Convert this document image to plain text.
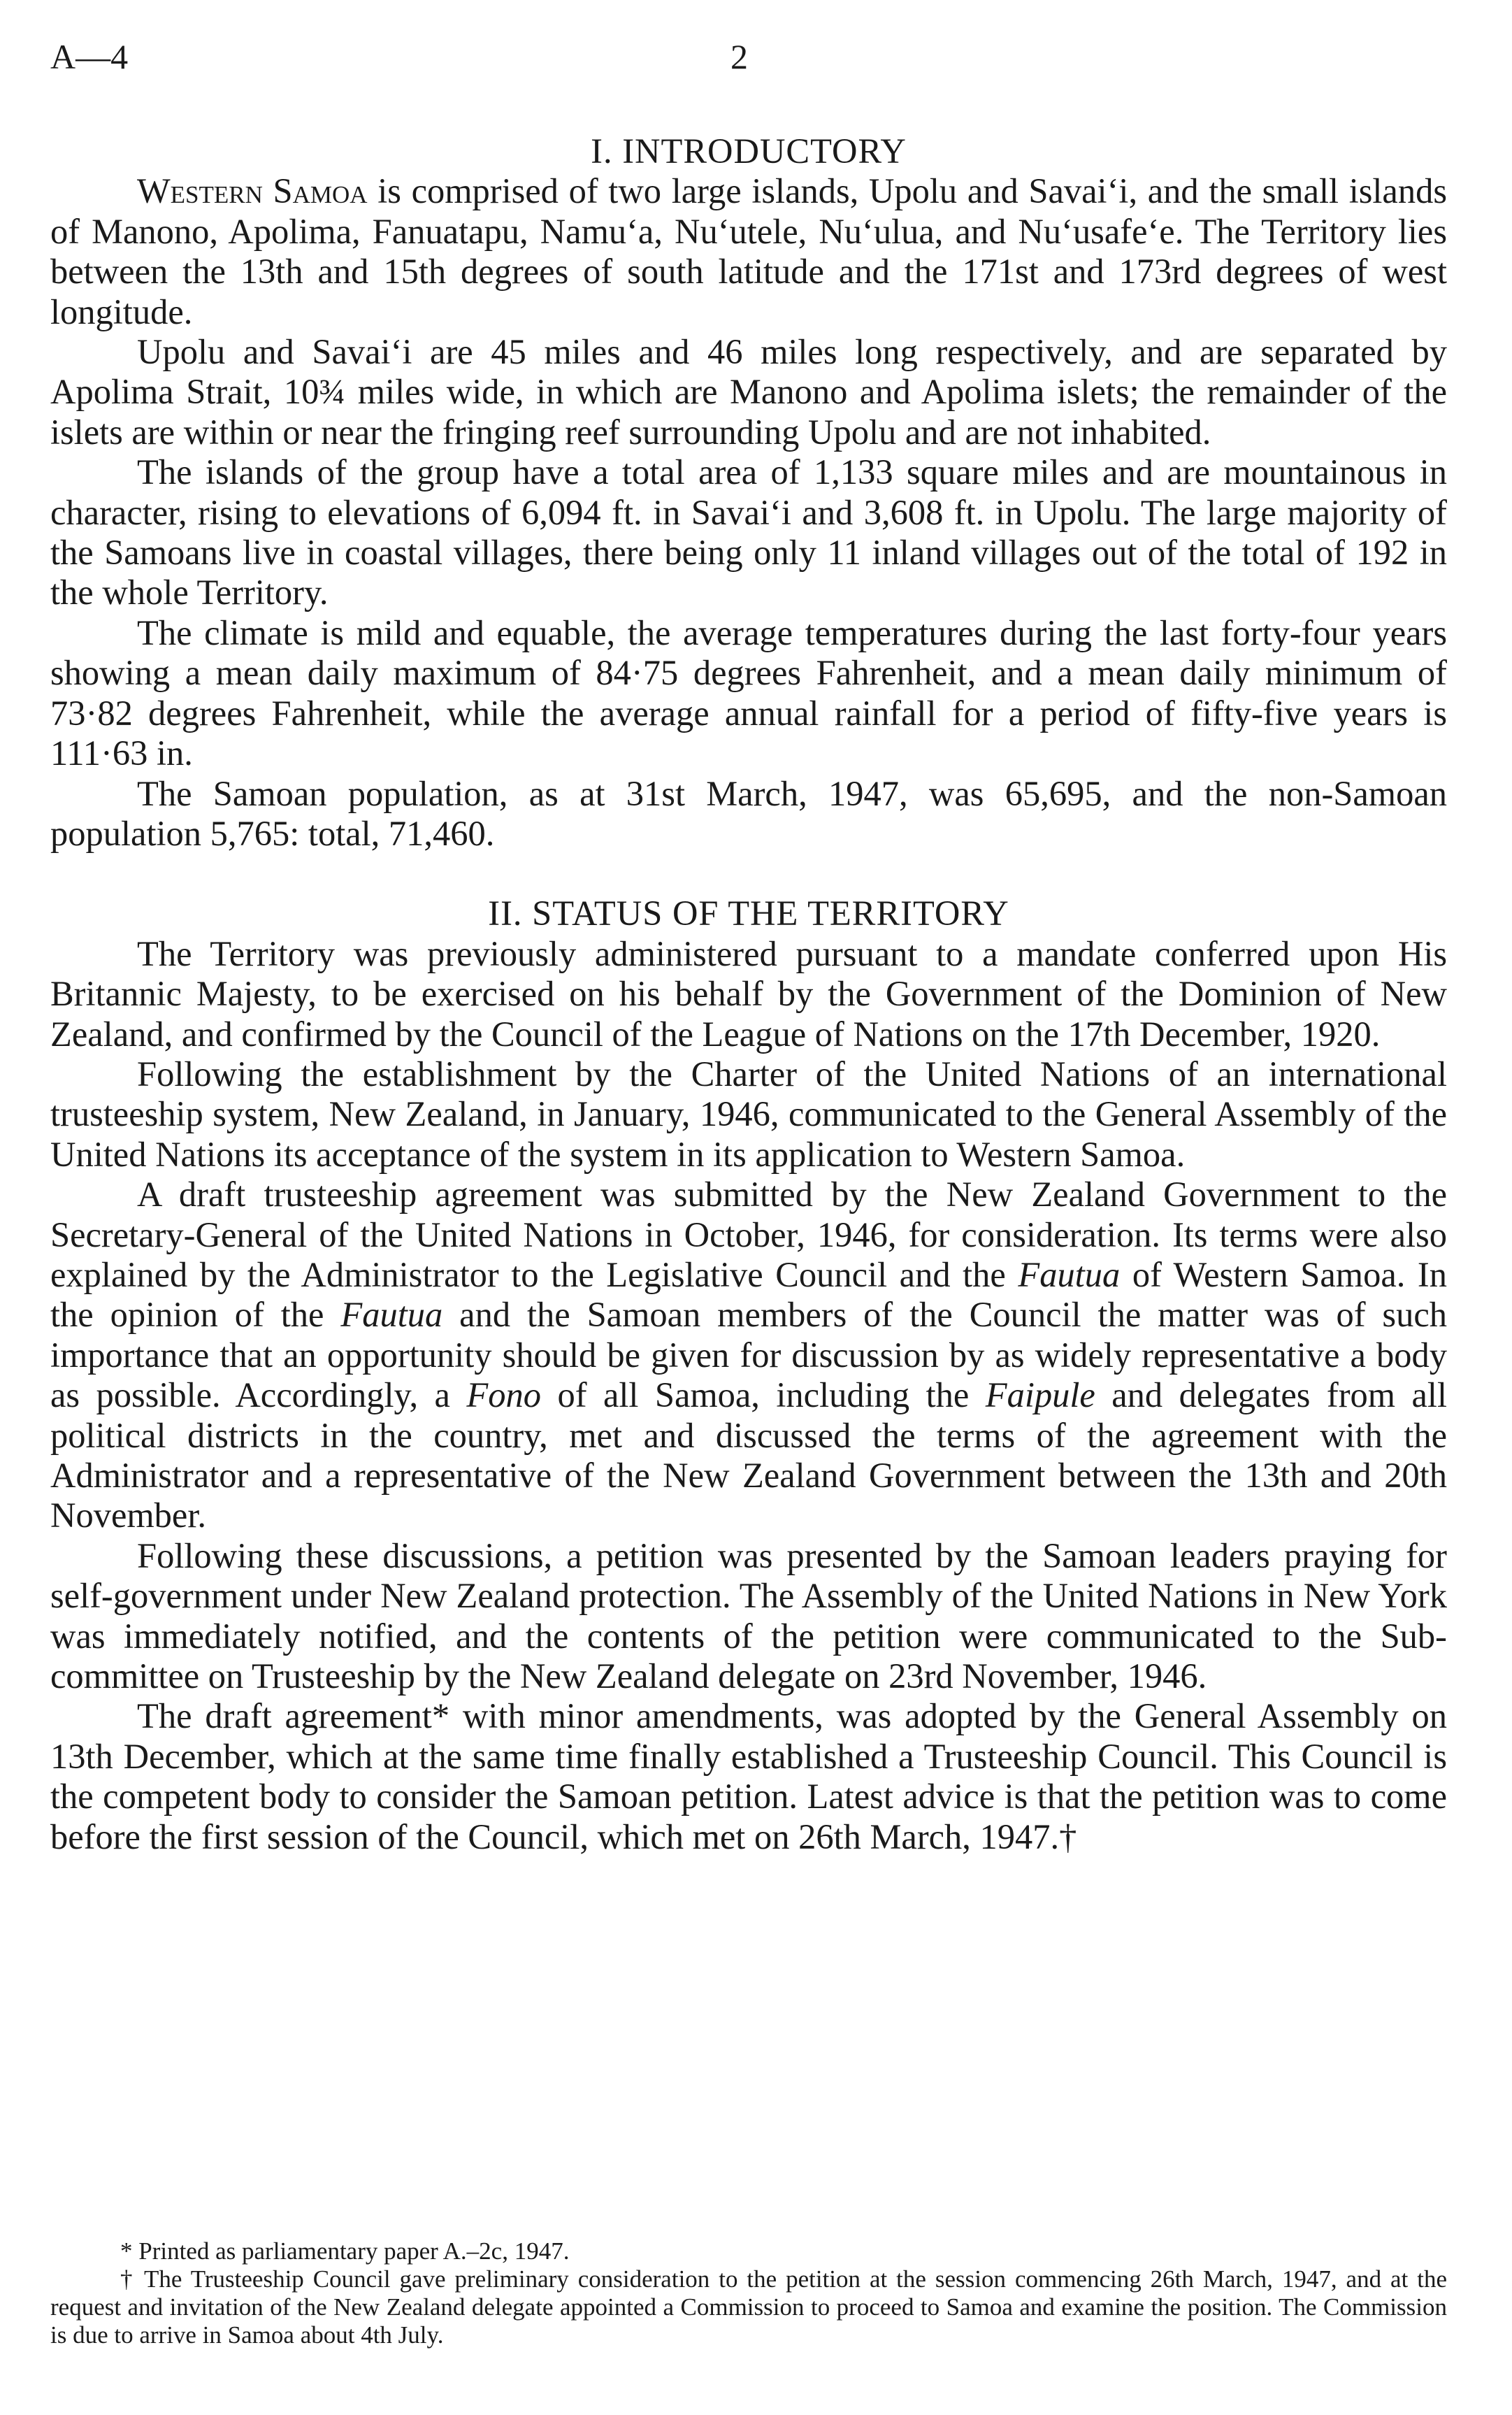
A—4	2
I. INTRODUCTORY

Western Samoa is comprised of two large islands, Upolu and Savai‘i, and the small islands of Manono, Apolima, Fanuatapu, Namu‘a, Nu‘utele, Nu‘ulua, and Nu‘usafe‘e. The Territory lies between the 13th and 15th degrees of south latitude and the 171st and 173rd degrees of west longitude.

Upolu and Savai‘i are 45 miles and 46 miles long respectively, and are separated by Apolima Strait, 10¾ miles wide, in which are Manono and Apolima islets; the remainder of the islets are within or near the fringing reef surrounding Upolu and are not inhabited.

The islands of the group have a total area of 1,133 square miles and are mountainous in character, rising to elevations of 6,094 ft. in Savai‘i and 3,608 ft. in Upolu. The large majority of the Samoans live in coastal villages, there being only 11 inland villages out of the total of 192 in the whole Territory.

The climate is mild and equable, the average temperatures during the last forty-four years showing a mean daily maximum of 84·75 degrees Fahrenheit, and a mean daily minimum of 73·82 degrees Fahrenheit, while the average annual rainfall for a period of fifty-five years is 111·63 in.

The Samoan population, as at 31st March, 1947, was 65,695, and the non-Samoan population 5,765: total, 71,460.

II. STATUS OF THE TERRITORY

The Territory was previously administered pursuant to a mandate conferred upon His Britannic Majesty, to be exercised on his behalf by the Government of the Dominion of New Zealand, and confirmed by the Council of the League of Nations on the 17th December, 1920.

Following the establishment by the Charter of the United Nations of an international trusteeship system, New Zealand, in January, 1946, communicated to the General Assembly of the United Nations its acceptance of the system in its application to Western Samoa.

A draft trusteeship agreement was submitted by the New Zealand Government to the Secretary-General of the United Nations in October, 1946, for consideration. Its terms were also explained by the Administrator to the Legislative Council and the Fautua of Western Samoa. In the opinion of the Fautua and the Samoan members of the Council the matter was of such importance that an opportunity should be given for discussion by as widely representative a body as possible. Accordingly, a Fono of all Samoa, including the Faipule and delegates from all political districts in the country, met and discussed the terms of the agreement with the Administrator and a representative of the New Zealand Government between the 13th and 20th November.

Following these discussions, a petition was presented by the Samoan leaders praying for self-government under New Zealand protection. The Assembly of the United Nations in New York was immediately notified, and the contents of the petition were communicated to the Sub-committee on Trusteeship by the New Zealand delegate on 23rd November, 1946.

The draft agreement* with minor amendments, was adopted by the General Assembly on 13th December, which at the same time finally established a Trusteeship Council. This Council is the competent body to consider the Samoan petition. Latest advice is that the petition was to come before the first session of the Council, which met on 26th March, 1947.†

* Printed as parliamentary paper A.–2c, 1947.

† The Trusteeship Council gave preliminary consideration to the petition at the session commencing 26th March, 1947, and at the request and invitation of the New Zealand delegate appointed a Commission to proceed to Samoa and examine the position. The Commission is due to arrive in Samoa about 4th July.
